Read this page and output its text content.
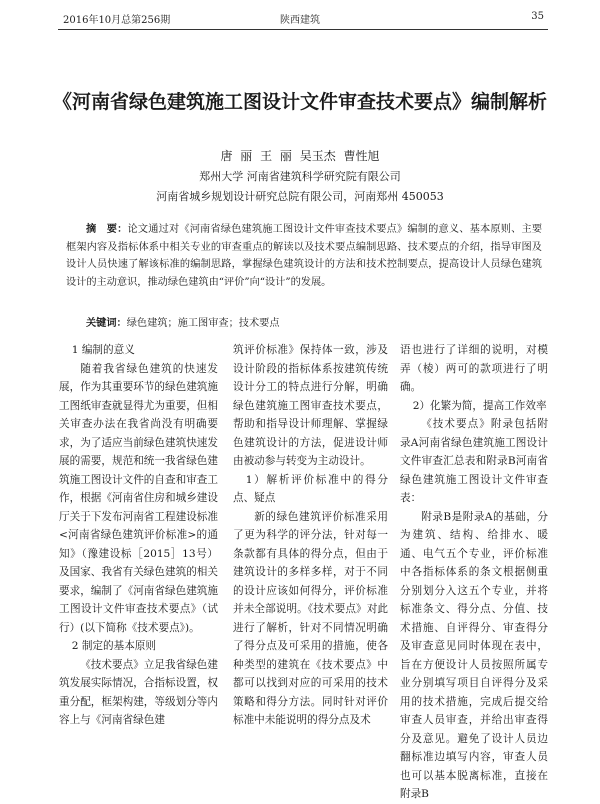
2016年10月总第256期	陕西建筑	35
《河南省绿色建筑施工图设计文件审查技术要点》编制解析
唐 丽 王 丽 吴玉杰 曹性旭
郑州大学 河南省建筑科学研究院有限公司
河南省城乡规划设计研究总院有限公司，河南郑州 450053
摘　要：论文通过对《河南省绿色建筑施工图设计文件审查技术要点》编制的意义、基本原则、主要框架内容及指标体系中相关专业的审查重点的解读以及技术要点编制思路、技术要点的介绍，指导审图及设计人员快速了解该标准的编制思路，掌握绿色建筑设计的方法和技术控制要点，提高设计人员绿色建筑设计的主动意识，推动绿色建筑由“评价”向“设计”的发展。
关键词：绿色建筑；施工图审查；技术要点
1 编制的意义

随着我省绿色建筑的快速发展，作为其重要环节的绿色建筑施工图纸审查就显得尤为重要，但相关审查办法在我省尚没有明确要求，为了适应当前绿色建筑快速发展的需要，规范和统一我省绿色建筑施工图设计文件的自查和审查工作，根据《河南省住房和城乡建设厅关于下发布河南省工程建设标准<河南省绿色建筑评价标准>的通知》（豫建设标［2015］13号）及国家、我省有关绿色建筑的相关要求，编制了《河南省绿色建筑施工图设计文件审查技术要点》（试行）(以下简称《技术要点》)。

2 制定的基本原则

《技术要点》立足我省绿色建筑发展实际情况，合指标设置，权重分配，框架构建，等级划分等内容上与《河南省绿色建

筑评价标准》保持体一致，涉及设计阶段的指标体系按建筑传统设计分工的特点进行分解，明确绿色建筑施工图审查技术要点，帮助和指导设计师理解、掌握绿色建筑设计的方法，促进设计师由被动参与转变为主动设计。

1）解析评价标准中的得分点、疑点

新的绿色建筑评价标准采用了更为科学的评分法，针对每一条款都有具体的得分点，但由于建筑设计的多样多样，对于不同的设计应该如何得分，评价标准并未全部说明。《技术要点》对此进行了解析，针对不同情况明确了得分点及可采用的措施，使各种类型的建筑在《技术要点》中都可以找到对应的可采用的技术策略和得分方法。同时针对评价标准中未能说明的得分点及术

语也进行了详细的说明，对模弄（棱）两可的款项进行了明确。

2）化繁为简，提高工作效率

《技术要点》附录包括附录A河南省绿色建筑施工图设计文件审查汇总表和附录B河南省绿色建筑施工图设计文件审查表：

附录B是附录A的基础，分为建筑、结构、给排水、暖通、电气五个专业，评价标准中各指标体系的条文根据侧重分别划分入这五个专业，并将标准条文、得分点、分值、技术措施、自评得分、审查得分及审查意见同时体现在表中，旨在方便设计人员按照所属专业分别填写项目自评得分及采用的技术措施，完成后提交给审查人员审查，并给出审查得分及意见。避免了设计人员边翻标准边填写内容，审查人员也可以基本脱离标准，直接在附录B
